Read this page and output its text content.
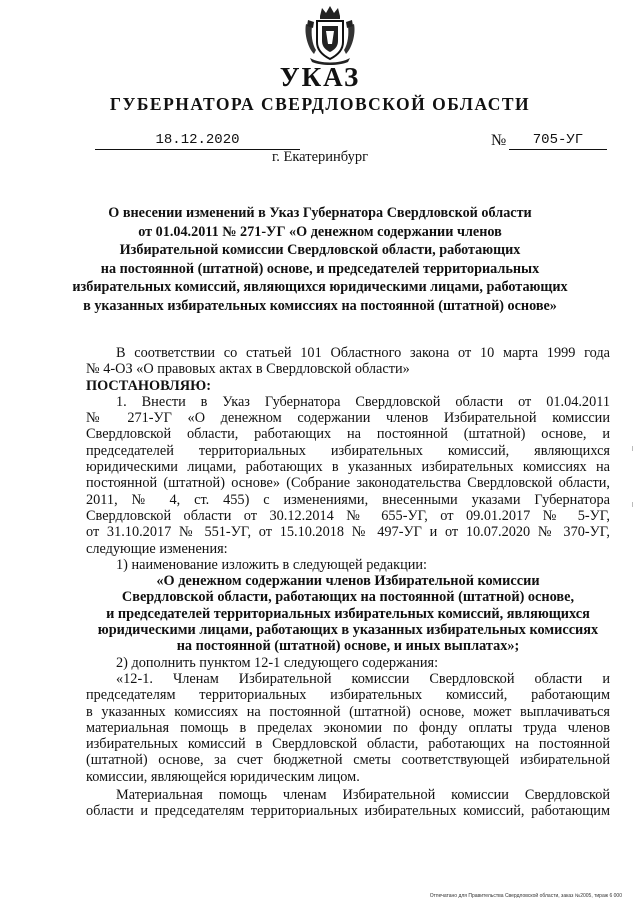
УКАЗ
ГУБЕРНАТОРА СВЕРДЛОВСКОЙ ОБЛАСТИ
18.12.2020	№	705-УГ
г. Екатеринбург
О внесении изменений в Указ Губернатора Свердловской области
от 01.04.2011 № 271-УГ «О денежном содержании членов
Избирательной комиссии Свердловской области, работающих
на постоянной (штатной) основе, и председателей территориальных
избирательных комиссий, являющихся юридическими лицами, работающих
в указанных избирательных комиссиях на постоянной (штатной) основе»

В соответствии со статьей 101 Областного закона от 10 марта 1999 года

№ 4-ОЗ «О правовых актах в Свердловской области»

ПОСТАНОВЛЯЮ:

1. Внести в Указ Губернатора Свердловской области от 01.04.2011

№ 271-УГ «О денежном содержании членов Избирательной комиссии

Свердловской области, работающих на постоянной (штатной) основе, и

председателей территориальных избирательных комиссий, являющихся

юридическими лицами, работающих в указанных избирательных комиссиях на

постоянной (штатной) основе» (Собрание законодательства Свердловской области,

2011, № 4, ст. 455) с изменениями, внесенными указами Губернатора

Свердловской области от 30.12.2014 № 655-УГ, от 09.01.2017 № 5-УГ,

от 31.10.2017 № 551-УГ, от 15.10.2018 № 497-УГ и от 10.07.2020 № 370-УГ,

следующие изменения:

1) наименование изложить в следующей редакции:

«О денежном содержании членов Избирательной комиссии
Свердловской области, работающих на постоянной (штатной) основе,
и председателей территориальных избирательных комиссий, являющихся
юридическими лицами, работающих в указанных избирательных комиссиях
на постоянной (штатной) основе, и иных выплатах»;

2) дополнить пунктом 12-1 следующего содержания:

«12-1. Членам Избирательной комиссии Свердловской области и

председателям территориальных избирательных комиссий, работающим

в указанных комиссиях на постоянной (штатной) основе, может выплачиваться

материальная помощь в пределах экономии по фонду оплаты труда членов

избирательных комиссий в Свердловской области, работающих на постоянной

(штатной) основе, за счет бюджетной сметы соответствующей избирательной

комиссии, являющейся юридическим лицом.

Материальная помощь членам Избирательной комиссии Свердловской

области и председателям территориальных избирательных комиссий, работающим

Отпечатано для Правительства Свердловской области, заказ №2005, тираж 6 000
